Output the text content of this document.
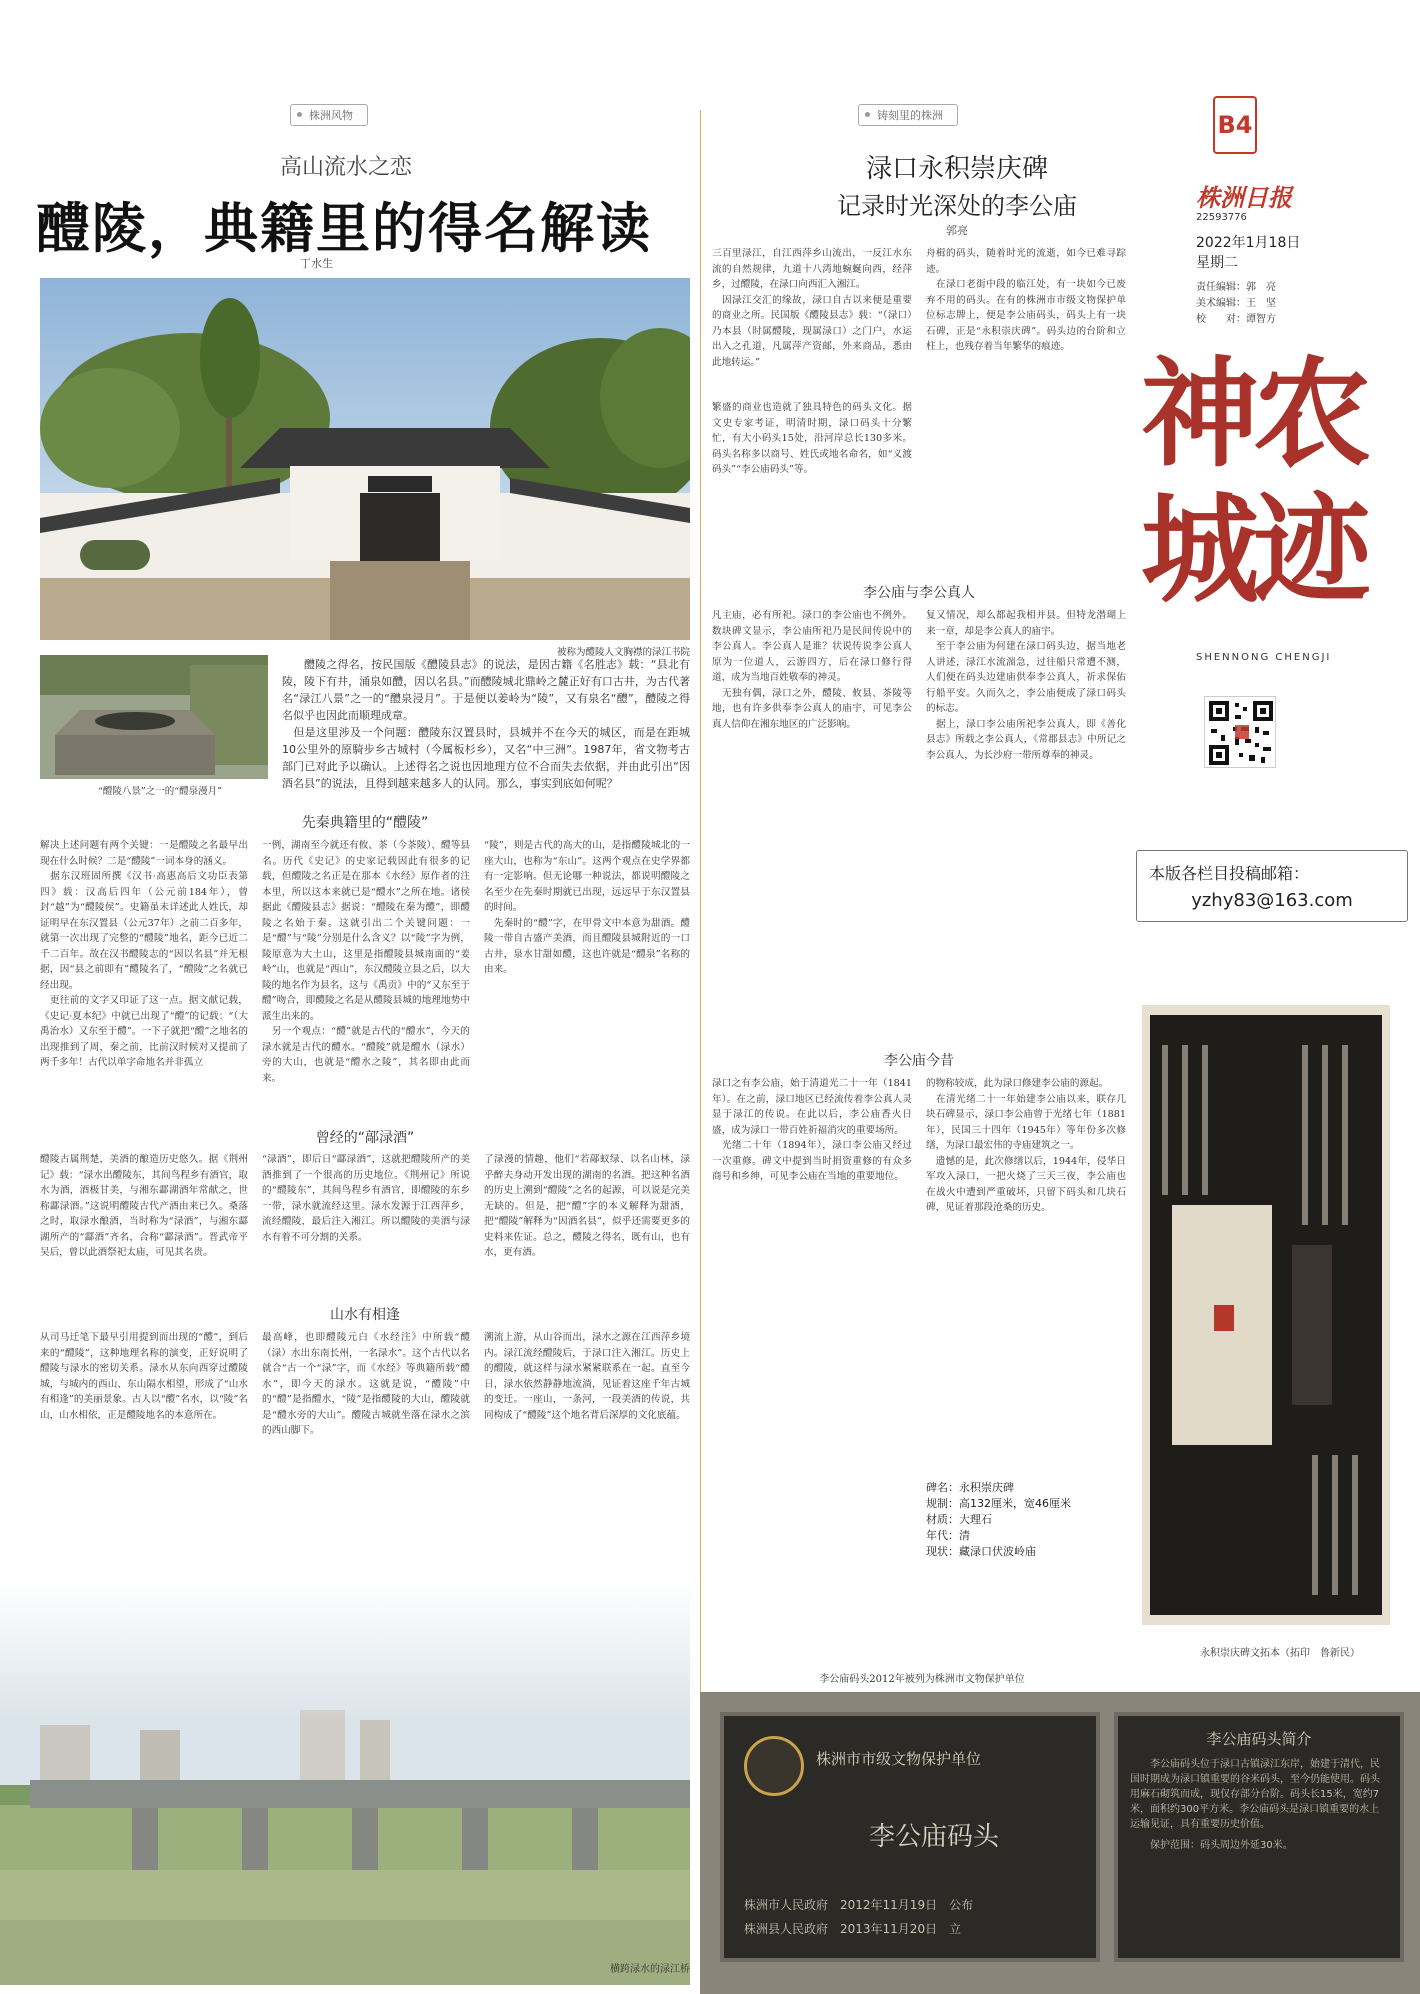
株洲风物
高山流水之恋
醴陵，典籍里的得名解读
丁水生
被称为醴陵人文胸襟的渌江书院
“醴陵八景”之一的“醴泉漫月”
醴陵之得名，按民国版《醴陵县志》的说法，是因古籍《名胜志》载：“县北有陵，陵下有井，涌泉如醴，因以名县。”而醴陵城北鼎岭之麓正好有口古井，为古代著名“渌江八景”之一的“醴泉浸月”。于是便以姜岭为“陵”，又有泉名“醴”，醴陵之得名似乎也因此而顺理成章。
　但是这里涉及一个问题：醴陵东汉置县时，县城并不在今天的城区，而是在距城10公里外的原騎步乡古城村（今属板杉乡），又名“中三洲”。1987年，省文物考古部门已对此予以确认。上述得名之说也因地理方位不合而失去依据，并由此引出“因酒名县”的说法，且得到越来越多人的认同。那么，事实到底如何呢？
先秦典籍里的“醴陵”
解决上述问题有两个关键：一是醴陵之名最早出现在什么时候？二是“醴陵”一词本身的涵义。
　据东汉班固所撰《汉书·高惠高后文功臣表第四》载：汉高后四年（公元前184年），曾封“越”为“醴陵侯”。史籍虽未详述此人姓氏，却证明早在东汉置县（公元37年）之前二百多年，就第一次出现了完整的“醴陵”地名，距今已近二千二百年。故在汉书醴陵志的“因以名县”并无根据，因“县之前即有”醴陵名了，“醴陵”之名就已经出现。
　更往前的文字又印证了这一点。据文献记载，《史记·夏本纪》中就已出现了“醴”的记载：“（大禹治水）又东至于醴”。一下子就把“醴”之地名的出现推到了周，秦之前，比前汉时候对又提前了两千多年！古代以单字命地名并非孤立
一例，湖南至今就还有攸、茶（今茶陵）、醴等县名。历代《史记》的史家记载因此有很多的记载，但醴陵之名正是在那本《水经》原作者的注本里，所以这本来就已是“醴水”之所在地。诸侯据此《醴陵县志》据说：“醴陵在秦为醴”，即醴陵之名始于秦。这就引出二个关键问题：一是“醴”与“陵”分别是什么含义？以“陵”字为例，陵原意为大土山，这里是指醴陵县城南面的“姜岭”山，也就是“西山”，东汉醴陵立县之后，以大陵的地名作为县名，这与《禹贡》中的“又东至于醴”吻合，即醴陵之名是从醴陵县城的地理地势中派生出来的。
　另一个观点：“醴”就是古代的“醴水”，今天的渌水就是古代的醴水。“醴陵”就是醴水（渌水）旁的大山，也就是“醴水之陵”，其名即由此而来。
“陵”，则是古代的高大的山，是指醴陵城北的一座大山，也称为“东山”。这两个观点在史学界都有一定影响。但无论哪一种说法，都说明醴陵之名至少在先秦时期就已出现，远远早于东汉置县的时间。
　先秦时的“醴”字，在甲骨文中本意为甜酒。醴陵一带自古盛产美酒，而且醴陵县城附近的一口古井，泉水甘甜如醴，这也许就是“醴泉”名称的由来。
曾经的“鄗渌酒”
醴陵古属荆楚，美酒的酿造历史悠久。据《荆州记》载：“渌水出醴陵东，其间鸟程乡有酒官，取水为酒，酒极甘美，与湘东酃湖酒年常献之，世称酃渌酒。”这说明醴陵古代产酒由来已久。桑落之时，取渌水酿酒，当时称为“渌酒”，与湘东酃湖所产的“酃酒”齐名，合称“酃渌酒”。晋武帝平吴后，曾以此酒祭祀太庙，可见其名贵。
“渌酒”，即后日“酃渌酒”，这就把醴陵所产的美酒推到了一个很高的历史地位。《荆州记》所说的“醴陵东”，其间鸟程乡有酒官，即醴陵的东乡一带，渌水就流经这里。渌水发源于江西萍乡，流经醴陵，最后注入湘江。所以醴陵的美酒与渌水有着不可分割的关系。
了渌漫的情趣，他们“若鄗蚁绿、以名山林，渌乎醉夫身动开发出现的湖南的名酒。把这种名酒的历史上溯到“醴陵”之名的起源，可以说是完美无缺的。但是，把“醴”字的本义解释为甜酒，把“醴陵”解释为“因酒名县”，似乎还需要更多的史料来佐证。总之，醴陵之得名，既有山，也有水，更有酒。
山水有相逢
从司马迁笔下最早引用提到而出现的“醴”，到后来的“醴陵”，这种地理名称的演变，正好说明了醴陵与渌水的密切关系。渌水从东向西穿过醴陵城，与城内的西山、东山隔水相望，形成了“山水有相逢”的美丽景象。古人以“醴”名水，以“陵”名山，山水相依，正是醴陵地名的本意所在。
最高峰，也即醴陵元白《水经注》中所载“醴（渌）水出东南长州，一名渌水”。这个古代以名就合“古一个“渌”字，而《水经》等典籍所载“醴水”，即今天的渌水。这就是说，“醴陵”中的“醴”是指醴水，“陵”是指醴陵的大山，醴陵就是“醴水旁的大山”。醴陵古城就坐落在渌水之滨的西山脚下。
溯流上游，从山谷而出，渌水之源在江西萍乡境内。渌江流经醴陵后，于渌口注入湘江。历史上的醴陵，就这样与渌水紧紧联系在一起。直至今日，渌水依然静静地流淌，见证着这座千年古城的变迁。一座山，一条河，一段美酒的传说，共同构成了“醴陵”这个地名背后深厚的文化底蕴。
横跨渌水的渌江桥
铸刻里的株洲
渌口永积崇庆碑
记录时光深处的李公庙
郭亮
三百里渌江，自江西萍乡山流出，一反江水东流的自然规律，九道十八湾地蜿蜒向西，经萍乡，过醴陵，在渌口向西汇入湘江。
　因渌江交汇的缘故，渌口自古以来便是重要的商业之所。民国版《醴陵县志》载：“（渌口）乃本县（时属醴陵，现属渌口）之门户，水运出入之孔道，凡属萍产资邮，外来商品，悉由此地转运。”
繁盛的商业也造就了独具特色的码头文化。据文史专家考证，明清时期，渌口码头十分繁忙，有大小码头15处，沿河岸总长130多米。码头名称多以商号、姓氏或地名命名，如“义渡码头”“李公庙码头”等。
舟楫的码头，随着时光的流逝，如今已难寻踪迹。
　在渌口老街中段的临江处，有一块如今已废弃不用的码头。在有的株洲市市级文物保护单位标志牌上，便是李公庙码头，码头上有一块石碑，正是“永积崇庆碑”。码头边的台阶和立柱上，也残存着当年繁华的痕迹。
李公庙与李公真人
凡主庙，必有所祀。渌口的李公庙也不例外。数块碑文显示，李公庙所祀乃是民间传说中的李公真人。李公真人是谁？状说传说李公真人原为一位道人，云游四方，后在渌口修行得道，成为当地百姓敬奉的神灵。
　无独有偶，渌口之外，醴陵、攸县、茶陵等地，也有许多供奉李公真人的庙宇，可见李公真人信仰在湘东地区的广泛影响。
复又情况，却么都起我相并县。但特龙潜瑚上来一章，却是李公真人的庙宇。
　至于李公庙为何建在渌口码头边，据当地老人讲述，渌江水流湍急，过往船只常遭不测，人们便在码头边建庙供奉李公真人，祈求保佑行船平安。久而久之，李公庙便成了渌口码头的标志。
　据上，渌口李公庙所祀李公真人，即《善化县志》所载之李公真人，《常郡县志》中所记之李公真人，为长沙府一带所尊奉的神灵。
李公庙今昔
渌口之有李公庙，始于清道光二十一年（1841年）。在之前，渌口地区已经流传着李公真人灵显于渌江的传说。在此以后，李公庙香火日盛，成为渌口一带百姓祈福消灾的重要场所。
　光绪二十年（1894年），渌口李公庙又经过一次重修。碑文中提到当时捐资重修的有众多商号和乡绅，可见李公庙在当地的重要地位。
的物称较成，此为渌口修建李公庙的源起。
　在清光绪二十一年始建李公庙以来，联存几块石碑显示，渌口李公庙曾于光绪七年（1881年），民国三十四年（1945年）等年份多次修缮，为渌口最宏伟的寺庙建筑之一。
　遗憾的是，此次修缮以后，1944年，侵华日军攻入渌口，一把火烧了三天三夜，李公庙也在战火中遭到严重破坏，只留下码头和几块石碑，见证着那段沧桑的历史。
碑名：永积崇庆碑
规制：高132厘米，宽46厘米
材质：大理石
年代：清
现状：藏渌口伏波岭庙
永积崇庆碑文拓本（拓印　鲁新民）
李公庙码头2012年被列为株洲市文物保护单位
株洲市市级文物保护单位
李公庙码头
株洲市人民政府　2012年11月19日　公布
株洲县人民政府　2013年11月20日　立
李公庙码头简介
李公庙码头位于渌口古镇渌江东岸，始建于清代，民国时期成为渌口镇重要的谷米码头，至今仍能使用。码头用麻石砌筑而成，现仅存部分台阶。码头长15米，宽约7米，面积约300平方米。李公庙码头是渌口镇重要的水上运输见证，具有重要历史价值。
保护范围：码头周边外延30米。
B4
株洲日报
22593776
2022年1月18日
星期二
责任编辑：郭　亮
美术编辑：王　坚
校　　对：谭智方
神农城迹
SHENNONG CHENGJI
本版各栏目投稿邮箱：
yzhy83@163.com
